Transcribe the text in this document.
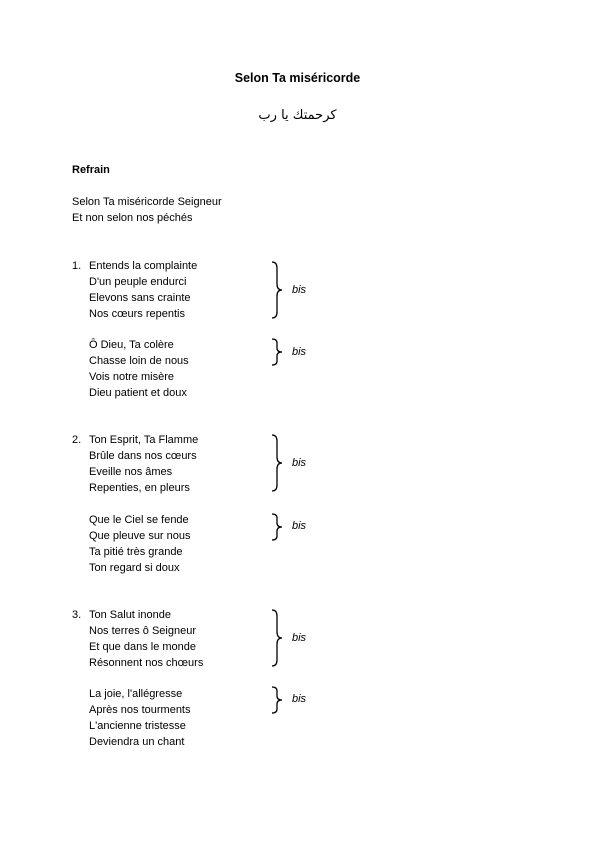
Selon Ta miséricorde
كرحمتك يا رب
Refrain
Selon Ta miséricorde Seigneur
Et non selon nos péchés
1. Entends la complainte
D'un peuple endurci
Elevons sans crainte
Nos cœurs repentis
bis
Ô Dieu, Ta colère
Chasse loin de nous
Vois notre misère
Dieu patient et doux
bis
2. Ton Esprit, Ta Flamme
Brûle dans nos cœurs
Eveille nos âmes
Repenties, en pleurs
bis
Que le Ciel se fende
Que pleuve sur nous
Ta pitié très grande
Ton regard si doux
bis
3. Ton Salut inonde
Nos terres ô Seigneur
Et que dans le monde
Résonnent nos chœurs
bis
La joie, l'allégresse
Après nos tourments
L'ancienne tristesse
Deviendra un chant
bis
